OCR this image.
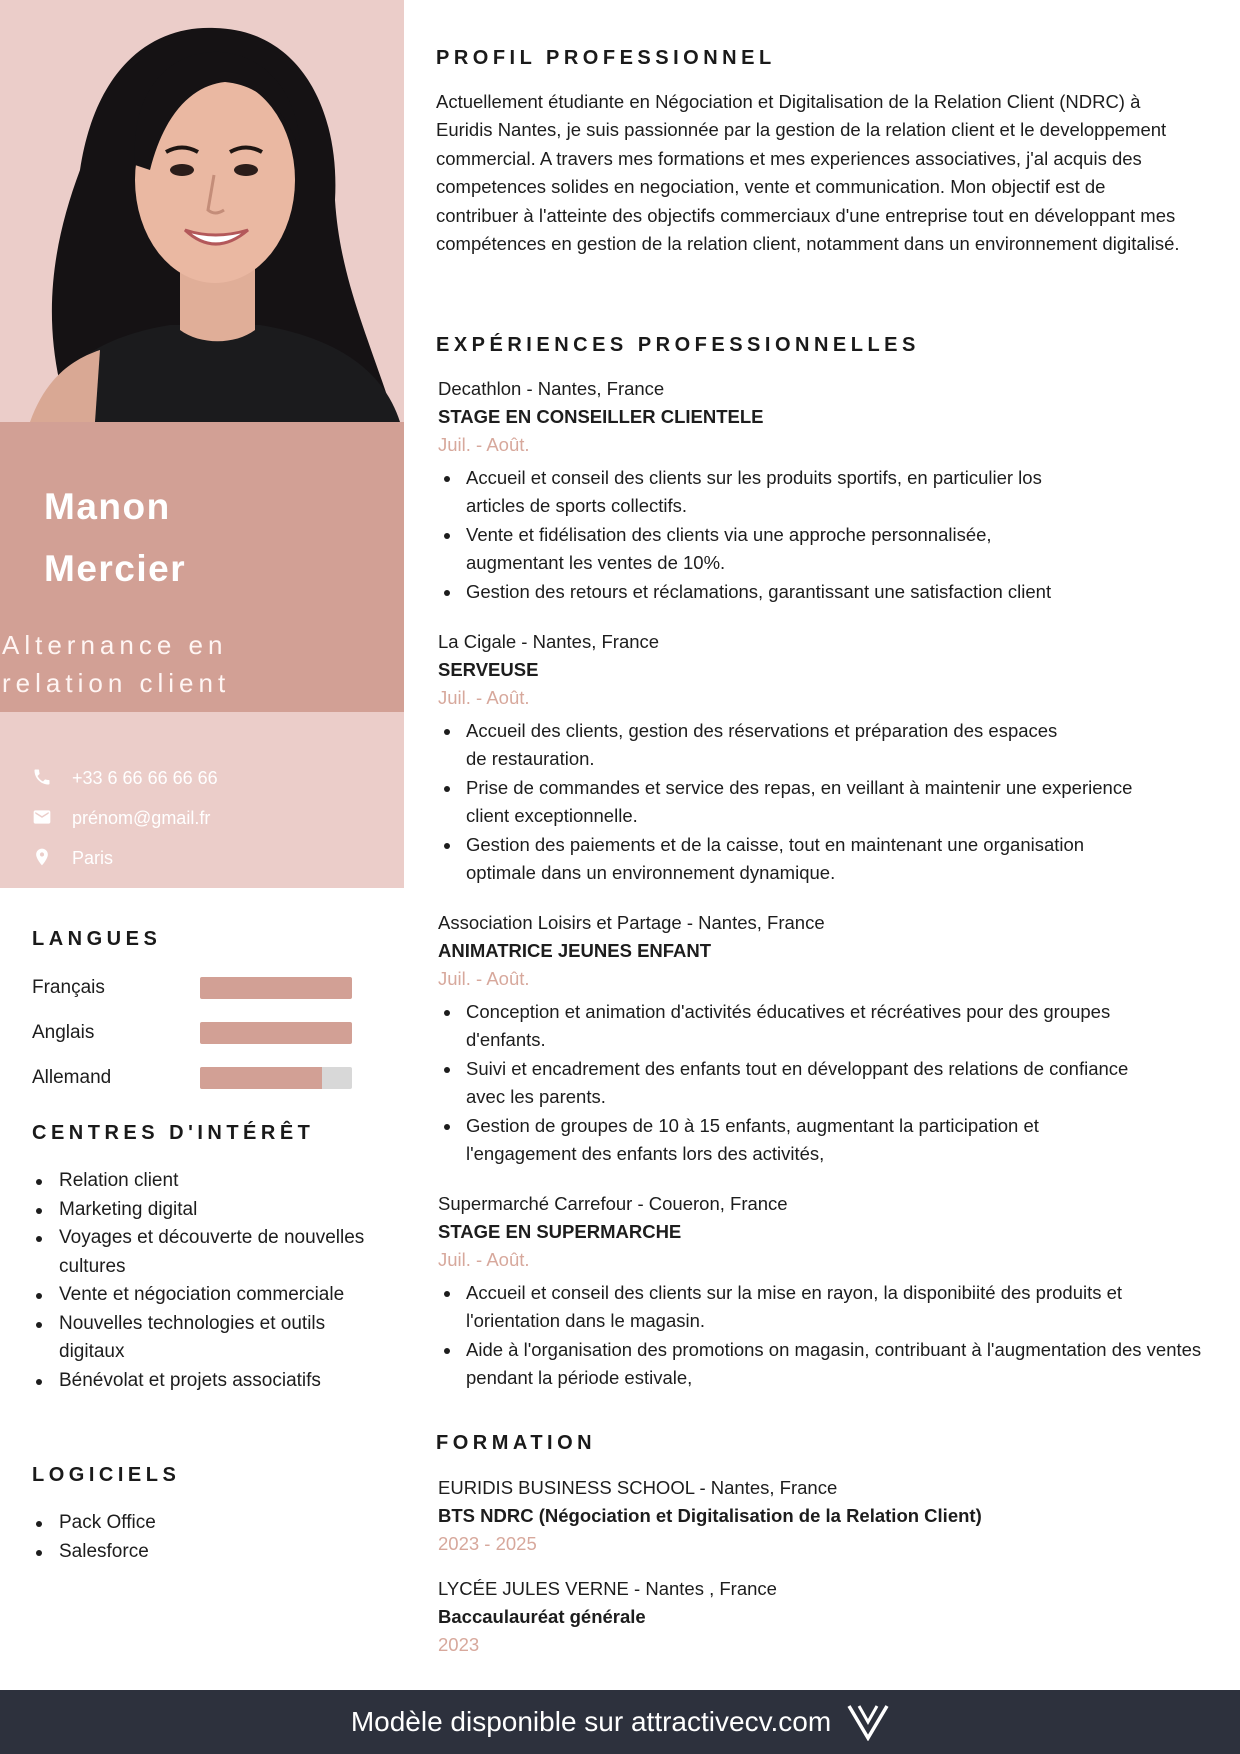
Manon
Mercier
Alternance en
relation client
+33 6 66 66 66 66
prénom@gmail.fr
Paris
LANGUES
Français
Anglais
Allemand
CENTRES D'INTÉRÊT
Relation client
Marketing digital
Voyages et découverte de nouvelles cultures
Vente et négociation commerciale
Nouvelles technologies et outils digitaux
Bénévolat et projets associatifs
LOGICIELS
Pack Office
Salesforce
PROFIL PROFESSIONNEL
Actuellement étudiante en Négociation et Digitalisation de la Relation Client (NDRC) à Euridis Nantes, je suis passionnée par la gestion de la relation client et le developpement commercial. A travers mes formations et mes experiences associatives, j'al acquis des competences solides en negociation, vente et communication. Mon objectif est de contribuer à l'atteinte des objectifs commerciaux d'une entreprise tout en développant mes compétences en gestion de la relation client, notamment dans un environnement digitalisé.
EXPÉRIENCES PROFESSIONNELLES
Decathlon - Nantes, France
STAGE EN CONSEILLER CLIENTELE
Juil. - Août.
Accueil et conseil des clients sur les produits sportifs, en particulier los articles de sports collectifs.
Vente et fidélisation des clients via une approche personnalisée, augmentant les ventes de 10%.
Gestion des retours et réclamations, garantissant une satisfaction client
La Cigale - Nantes, France
SERVEUSE
Juil. - Août.
Accueil des clients, gestion des réservations et préparation des espaces de restauration.
Prise de commandes et service des repas, en veillant à maintenir une experience client exceptionnelle.
Gestion des paiements et de la caisse, tout en maintenant une organisation optimale dans un environnement dynamique.
Association Loisirs et Partage - Nantes, France
ANIMATRICE JEUNES ENFANT
Juil. - Août.
Conception et animation d'activités éducatives et récréatives pour des groupes d'enfants.
Suivi et encadrement des enfants tout en développant des relations de confiance avec les parents.
Gestion de groupes de 10 à 15 enfants, augmentant la participation et l'engagement des enfants lors des activités,
Supermarché Carrefour - Coueron, France
STAGE EN SUPERMARCHE
Juil. - Août.
Accueil et conseil des clients sur la mise en rayon, la disponibiité des produits et l'orientation dans le magasin.
Aide à l'organisation des promotions on magasin, contribuant à l'augmentation des ventes pendant la période estivale,
FORMATION
EURIDIS BUSINESS SCHOOL - Nantes, France
BTS NDRC (Négociation et Digitalisation de la Relation Client)
2023 - 2025
LYCÉE JULES VERNE - Nantes , France
Baccaulauréat générale
2023
Modèle disponible sur attractivecv.com
